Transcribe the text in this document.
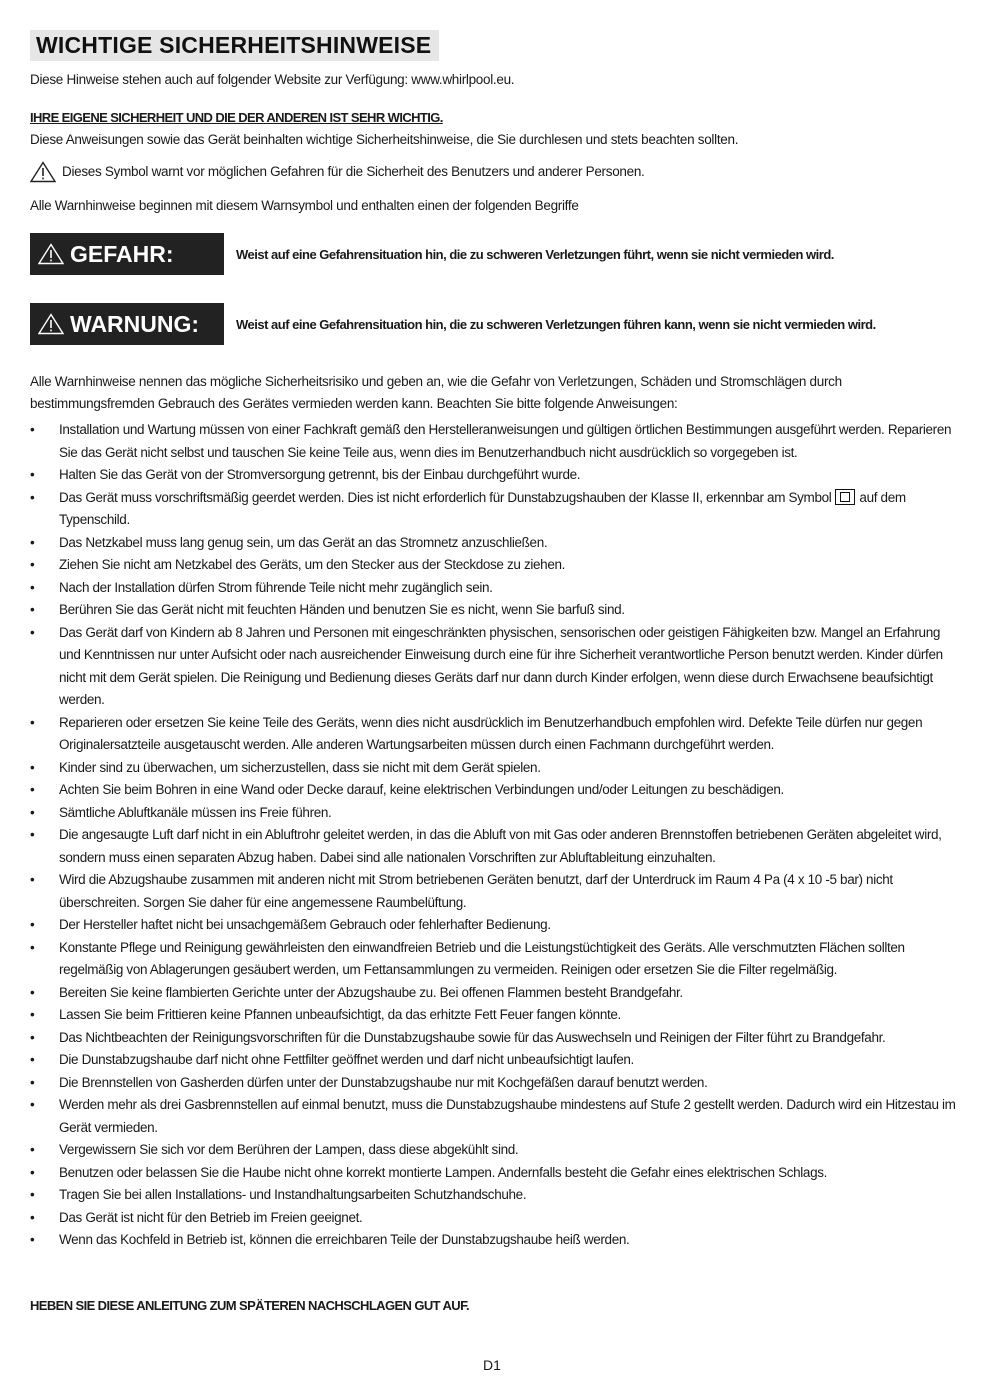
WICHTIGE SICHERHEITSHINWEISE

Diese Hinweise stehen auch auf folgender Website zur Verfügung: www.whirlpool.eu.

IHRE EIGENE SICHERHEIT UND DIE DER ANDEREN IST SEHR WICHTIG.

Diese Anweisungen sowie das Gerät beinhalten wichtige Sicherheitshinweise, die Sie durchlesen und stets beachten sollten.

Dieses Symbol warnt vor möglichen Gefahren für die Sicherheit des Benutzers und anderer Personen.

Alle Warnhinweise beginnen mit diesem Warnsymbol und enthalten einen der folgenden Begriffe

GEFAHR:	Weist auf eine Gefahrensituation hin, die zu schweren Verletzungen führt, wenn sie nicht vermieden wird.
WARNUNG:	Weist auf eine Gefahrensituation hin, die zu schweren Verletzungen führen kann, wenn sie nicht vermieden wird.

Alle Warnhinweise nennen das mögliche Sicherheitsrisiko und geben an, wie die Gefahr von Verletzungen, Schäden und Stromschlägen durch bestimmungsfremden Gebrauch des Gerätes vermieden werden kann. Beachten Sie bitte folgende Anweisungen:

• Installation und Wartung müssen von einer Fachkraft gemäß den Herstelleranweisungen und gültigen örtlichen Bestimmungen ausgeführt werden. Reparieren Sie das Gerät nicht selbst und tauschen Sie keine Teile aus, wenn dies im Benutzerhandbuch nicht ausdrücklich so vorgegeben ist.
• Halten Sie das Gerät von der Stromversorgung getrennt, bis der Einbau durchgeführt wurde.
• Das Gerät muss vorschriftsmäßig geerdet werden. Dies ist nicht erforderlich für Dunstabzugshauben der Klasse II, erkennbar am Symbol auf dem Typenschild.
• Das Netzkabel muss lang genug sein, um das Gerät an das Stromnetz anzuschließen.
• Ziehen Sie nicht am Netzkabel des Geräts, um den Stecker aus der Steckdose zu ziehen.
• Nach der Installation dürfen Strom führende Teile nicht mehr zugänglich sein.
• Berühren Sie das Gerät nicht mit feuchten Händen und benutzen Sie es nicht, wenn Sie barfuß sind.
• Das Gerät darf von Kindern ab 8 Jahren und Personen mit eingeschränkten physischen, sensorischen oder geistigen Fähigkeiten bzw. Mangel an Erfahrung und Kenntnissen nur unter Aufsicht oder nach ausreichender Einweisung durch eine für ihre Sicherheit verantwortliche Person benutzt werden. Kinder dürfen nicht mit dem Gerät spielen. Die Reinigung und Bedienung dieses Geräts darf nur dann durch Kinder erfolgen, wenn diese durch Erwachsene beaufsichtigt werden.
• Reparieren oder ersetzen Sie keine Teile des Geräts, wenn dies nicht ausdrücklich im Benutzerhandbuch empfohlen wird. Defekte Teile dürfen nur gegen Originalersatzteile ausgetauscht werden. Alle anderen Wartungsarbeiten müssen durch einen Fachmann durchgeführt werden.
• Kinder sind zu überwachen, um sicherzustellen, dass sie nicht mit dem Gerät spielen.
• Achten Sie beim Bohren in eine Wand oder Decke darauf, keine elektrischen Verbindungen und/oder Leitungen zu beschädigen.
• Sämtliche Abluftkanäle müssen ins Freie führen.
• Die angesaugte Luft darf nicht in ein Abluftrohr geleitet werden, in das die Abluft von mit Gas oder anderen Brennstoffen betriebenen Geräten abgeleitet wird, sondern muss einen separaten Abzug haben. Dabei sind alle nationalen Vorschriften zur Abluftableitung einzuhalten.
• Wird die Abzugshaube zusammen mit anderen nicht mit Strom betriebenen Geräten benutzt, darf der Unterdruck im Raum 4 Pa (4 x 10 -5 bar) nicht überschreiten. Sorgen Sie daher für eine angemessene Raumbelüftung.
• Der Hersteller haftet nicht bei unsachgemäßem Gebrauch oder fehlerhafter Bedienung.
• Konstante Pflege und Reinigung gewährleisten den einwandfreien Betrieb und die Leistungstüchtigkeit des Geräts. Alle verschmutzten Flächen sollten regelmäßig von Ablagerungen gesäubert werden, um Fettansammlungen zu vermeiden. Reinigen oder ersetzen Sie die Filter regelmäßig.
• Bereiten Sie keine flambierten Gerichte unter der Abzugshaube zu. Bei offenen Flammen besteht Brandgefahr.
• Lassen Sie beim Frittieren keine Pfannen unbeaufsichtigt, da das erhitzte Fett Feuer fangen könnte.
• Das Nichtbeachten der Reinigungsvorschriften für die Dunstabzugshaube sowie für das Auswechseln und Reinigen der Filter führt zu Brandgefahr.
• Die Dunstabzugshaube darf nicht ohne Fettfilter geöffnet werden und darf nicht unbeaufsichtigt laufen.
• Die Brennstellen von Gasherden dürfen unter der Dunstabzugshaube nur mit Kochgefäßen darauf benutzt werden.
• Werden mehr als drei Gasbrennstellen auf einmal benutzt, muss die Dunstabzugshaube mindestens auf Stufe 2 gestellt werden. Dadurch wird ein Hitzestau im Gerät vermieden.
• Vergewissern Sie sich vor dem Berühren der Lampen, dass diese abgekühlt sind.
• Benutzen oder belassen Sie die Haube nicht ohne korrekt montierte Lampen. Andernfalls besteht die Gefahr eines elektrischen Schlags.
• Tragen Sie bei allen Installations- und Instandhaltungsarbeiten Schutzhandschuhe.
• Das Gerät ist nicht für den Betrieb im Freien geeignet.
• Wenn das Kochfeld in Betrieb ist, können die erreichbaren Teile der Dunstabzugshaube heiß werden.
HEBEN SIE DIESE ANLEITUNG ZUM SPÄTEREN NACHSCHLAGEN GUT AUF.
D1
